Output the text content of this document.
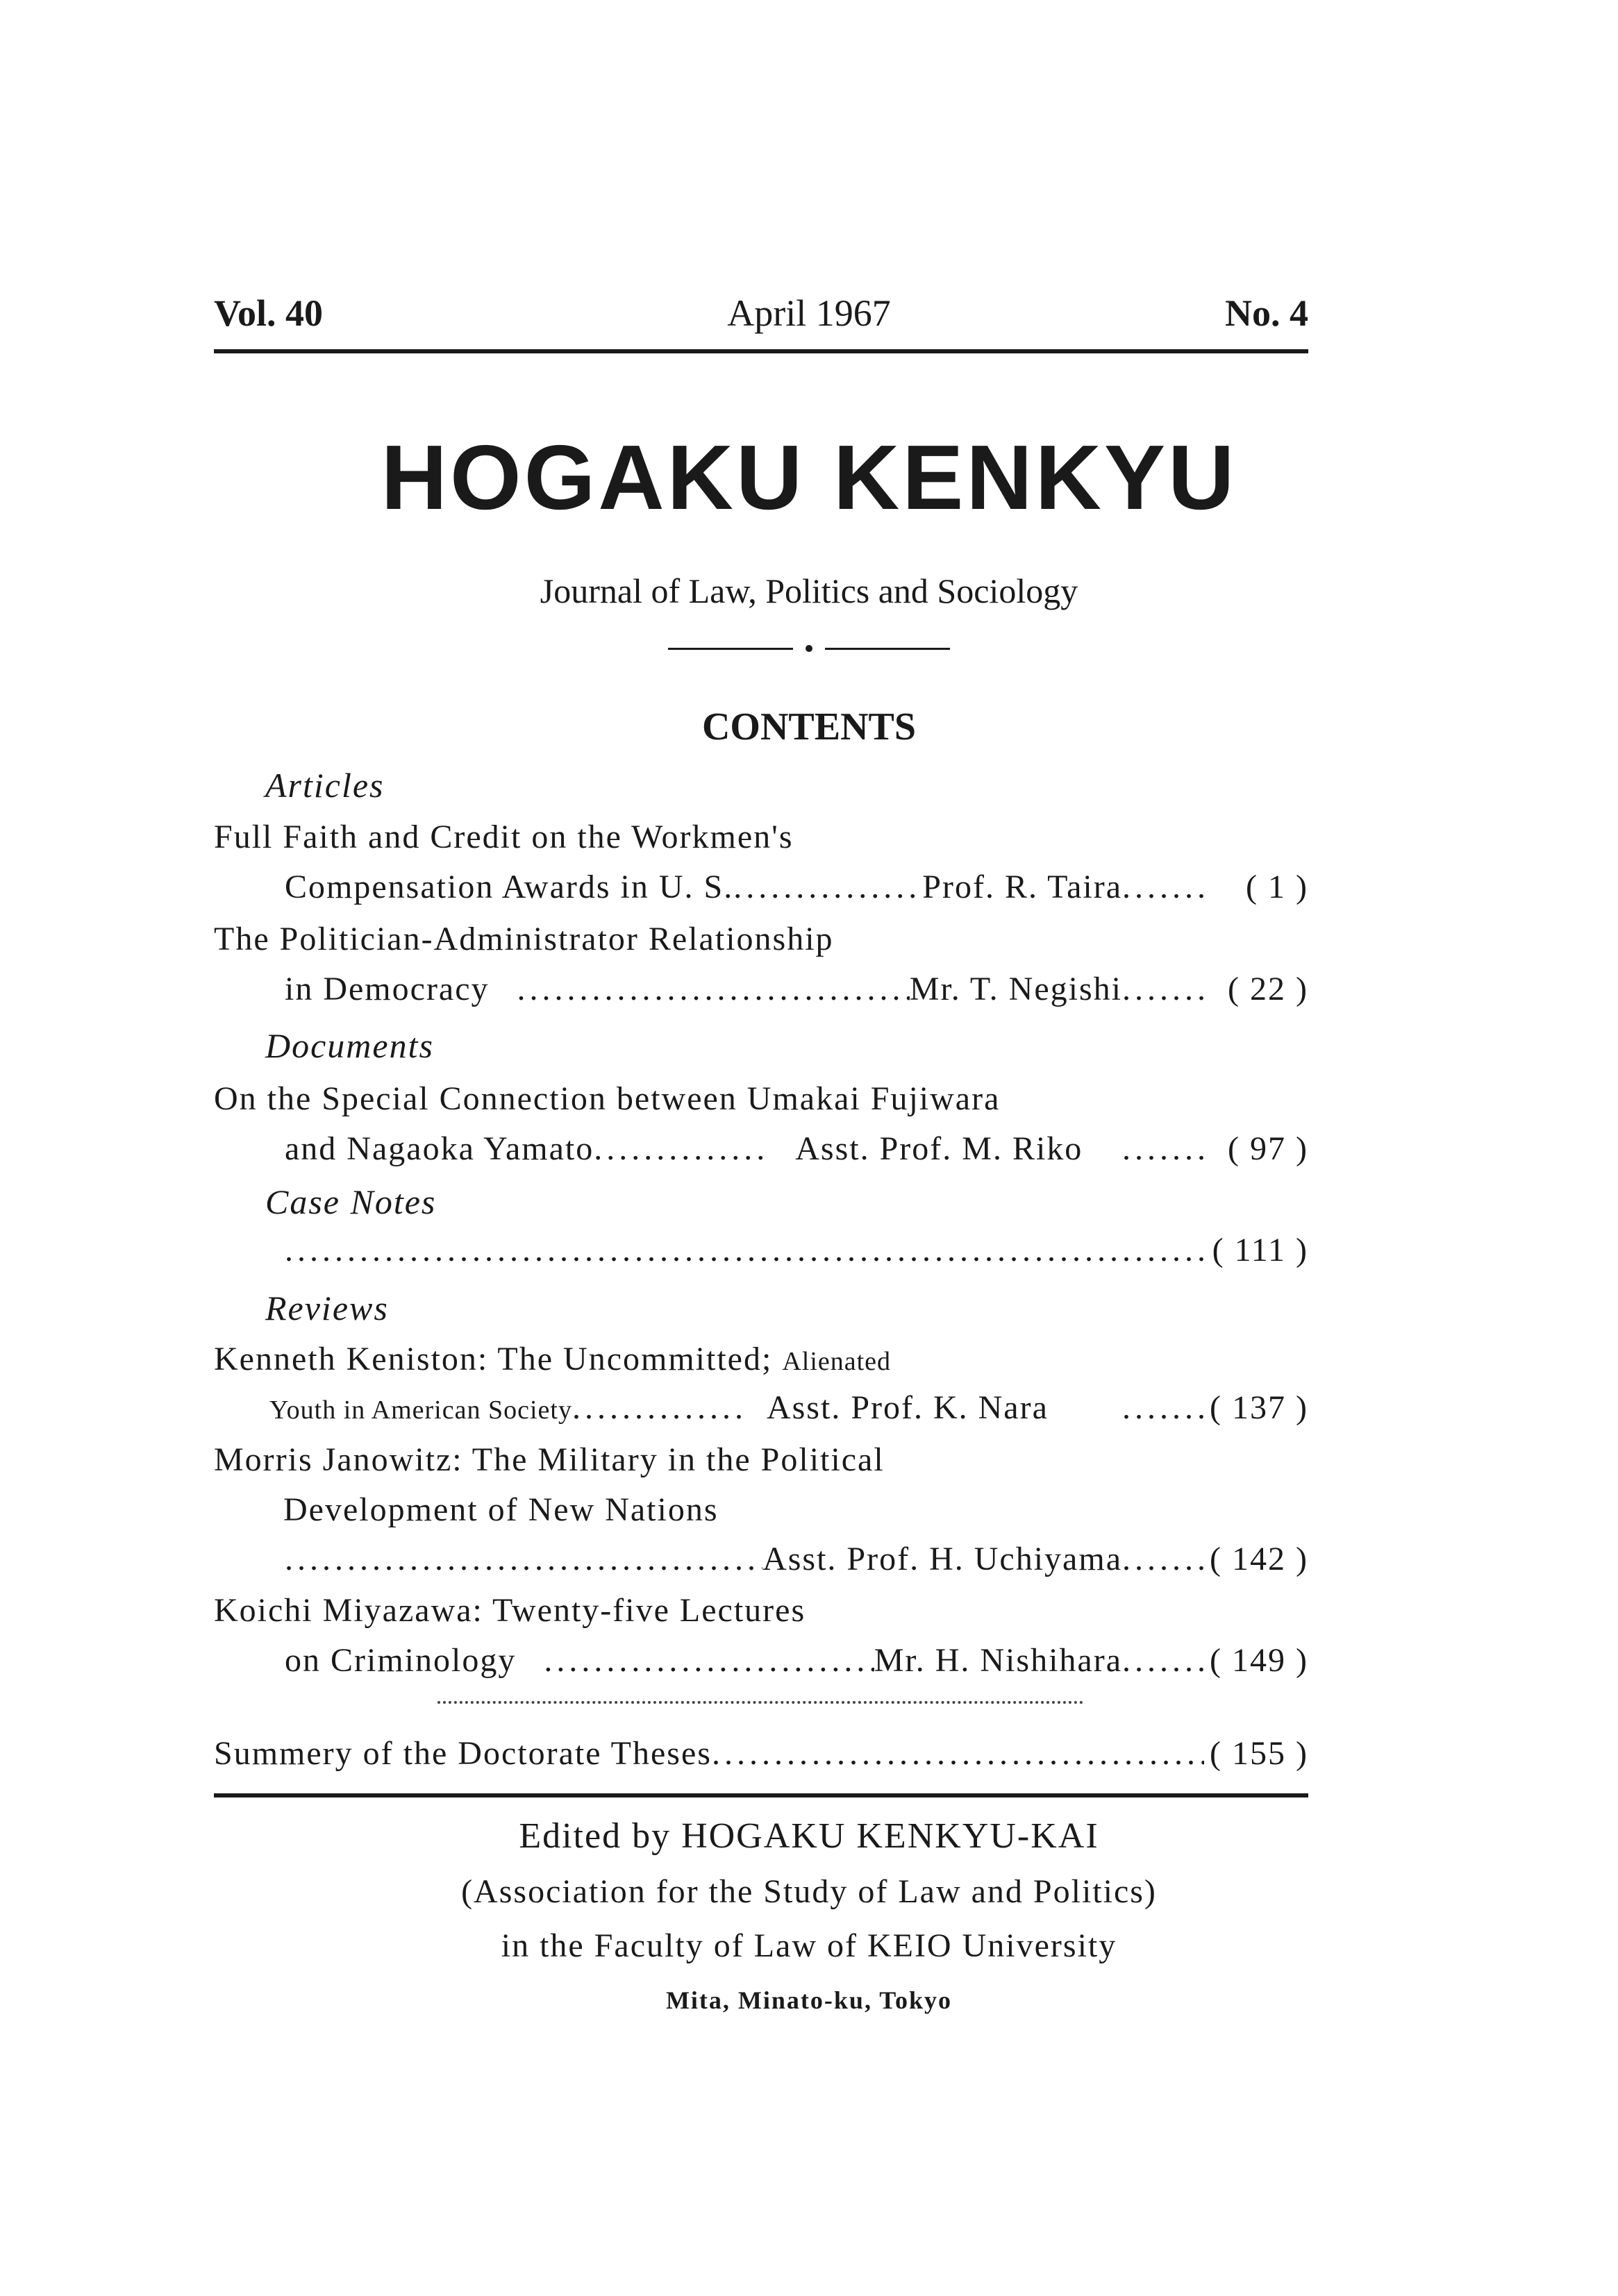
Vol. 40	April 1967	No. 4
HOGAKU KENKYU
Journal of Law, Politics and Sociology
CONTENTS
Articles
Full Faith and Credit on the Workmen's
Compensation Awards in U. S. .....	Prof. R. Taira .....	( 1 )
The Politician-Administrator Relationship
in Democracy .....	Mr. T. Negishi .....	( 22 )
Documents
On the Special Connection between Umakai Fujiwara
and Nagaoka Yamato .....	Asst. Prof. M. Riko .....	( 97 )
Case Notes
.....
( 111 )
Reviews
Kenneth Keniston: The Uncommitted; Alienated
Youth in American Society .....	Asst. Prof. K. Nara .....	( 137 )
Morris Janowitz: The Military in the Political
Development of New Nations
.....
Asst. Prof. H. Uchiyama .....	( 142 )
Koichi Miyazawa: Twenty-five Lectures
on Criminology .....	Mr. H. Nishihara .....	( 149 )
Summery of the Doctorate Theses .....	( 155 )
Edited by HOGAKU KENKYU-KAI
(Association for the Study of Law and Politics)
in the Faculty of Law of KEIO University
Mita, Minato-ku, Tokyo
